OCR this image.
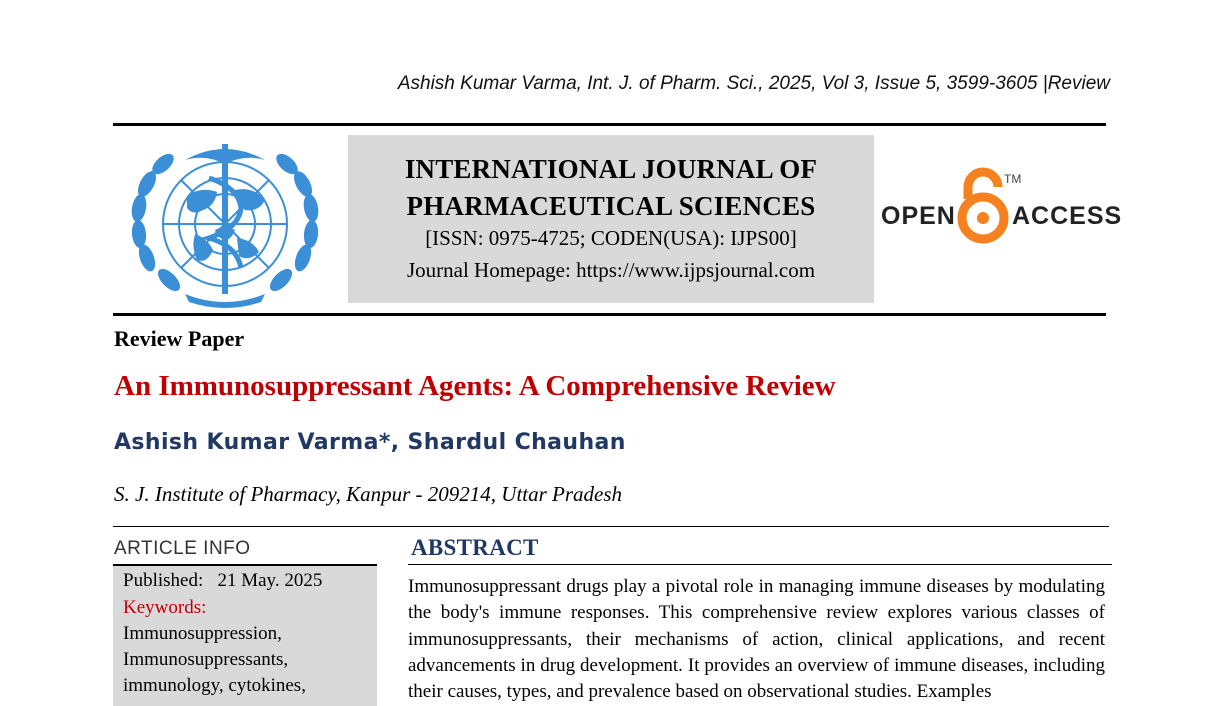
Ashish Kumar Varma, Int. J. of Pharm. Sci., 2025, Vol 3, Issue 5, 3599-3605 |Review
INTERNATIONAL JOURNAL OF
PHARMACEUTICAL SCIENCES
[ISSN: 0975-4725; CODEN(USA): IJPS00]
Journal Homepage: https://www.ijpsjournal.com
OPEN ACCESS
TM
Review Paper
An Immunosuppressant Agents: A Comprehensive Review
Ashish Kumar Varma*, Shardul Chauhan
S. J. Institute of Pharmacy, Kanpur - 209214, Uttar Pradesh
ARTICLE INFO
Published: 21 May. 2025
Keywords:
Immunosuppression,
Immunosuppressants,
immunology, cytokines,
ABSTRACT
Immunosuppressant drugs play a pivotal role in managing immune diseases by modulating the body's immune responses. This comprehensive review explores various classes of immunosuppressants, their mechanisms of action, clinical applications, and recent advancements in drug development. It provides an overview of immune diseases, including their causes, types, and prevalence based on observational studies. Examples
